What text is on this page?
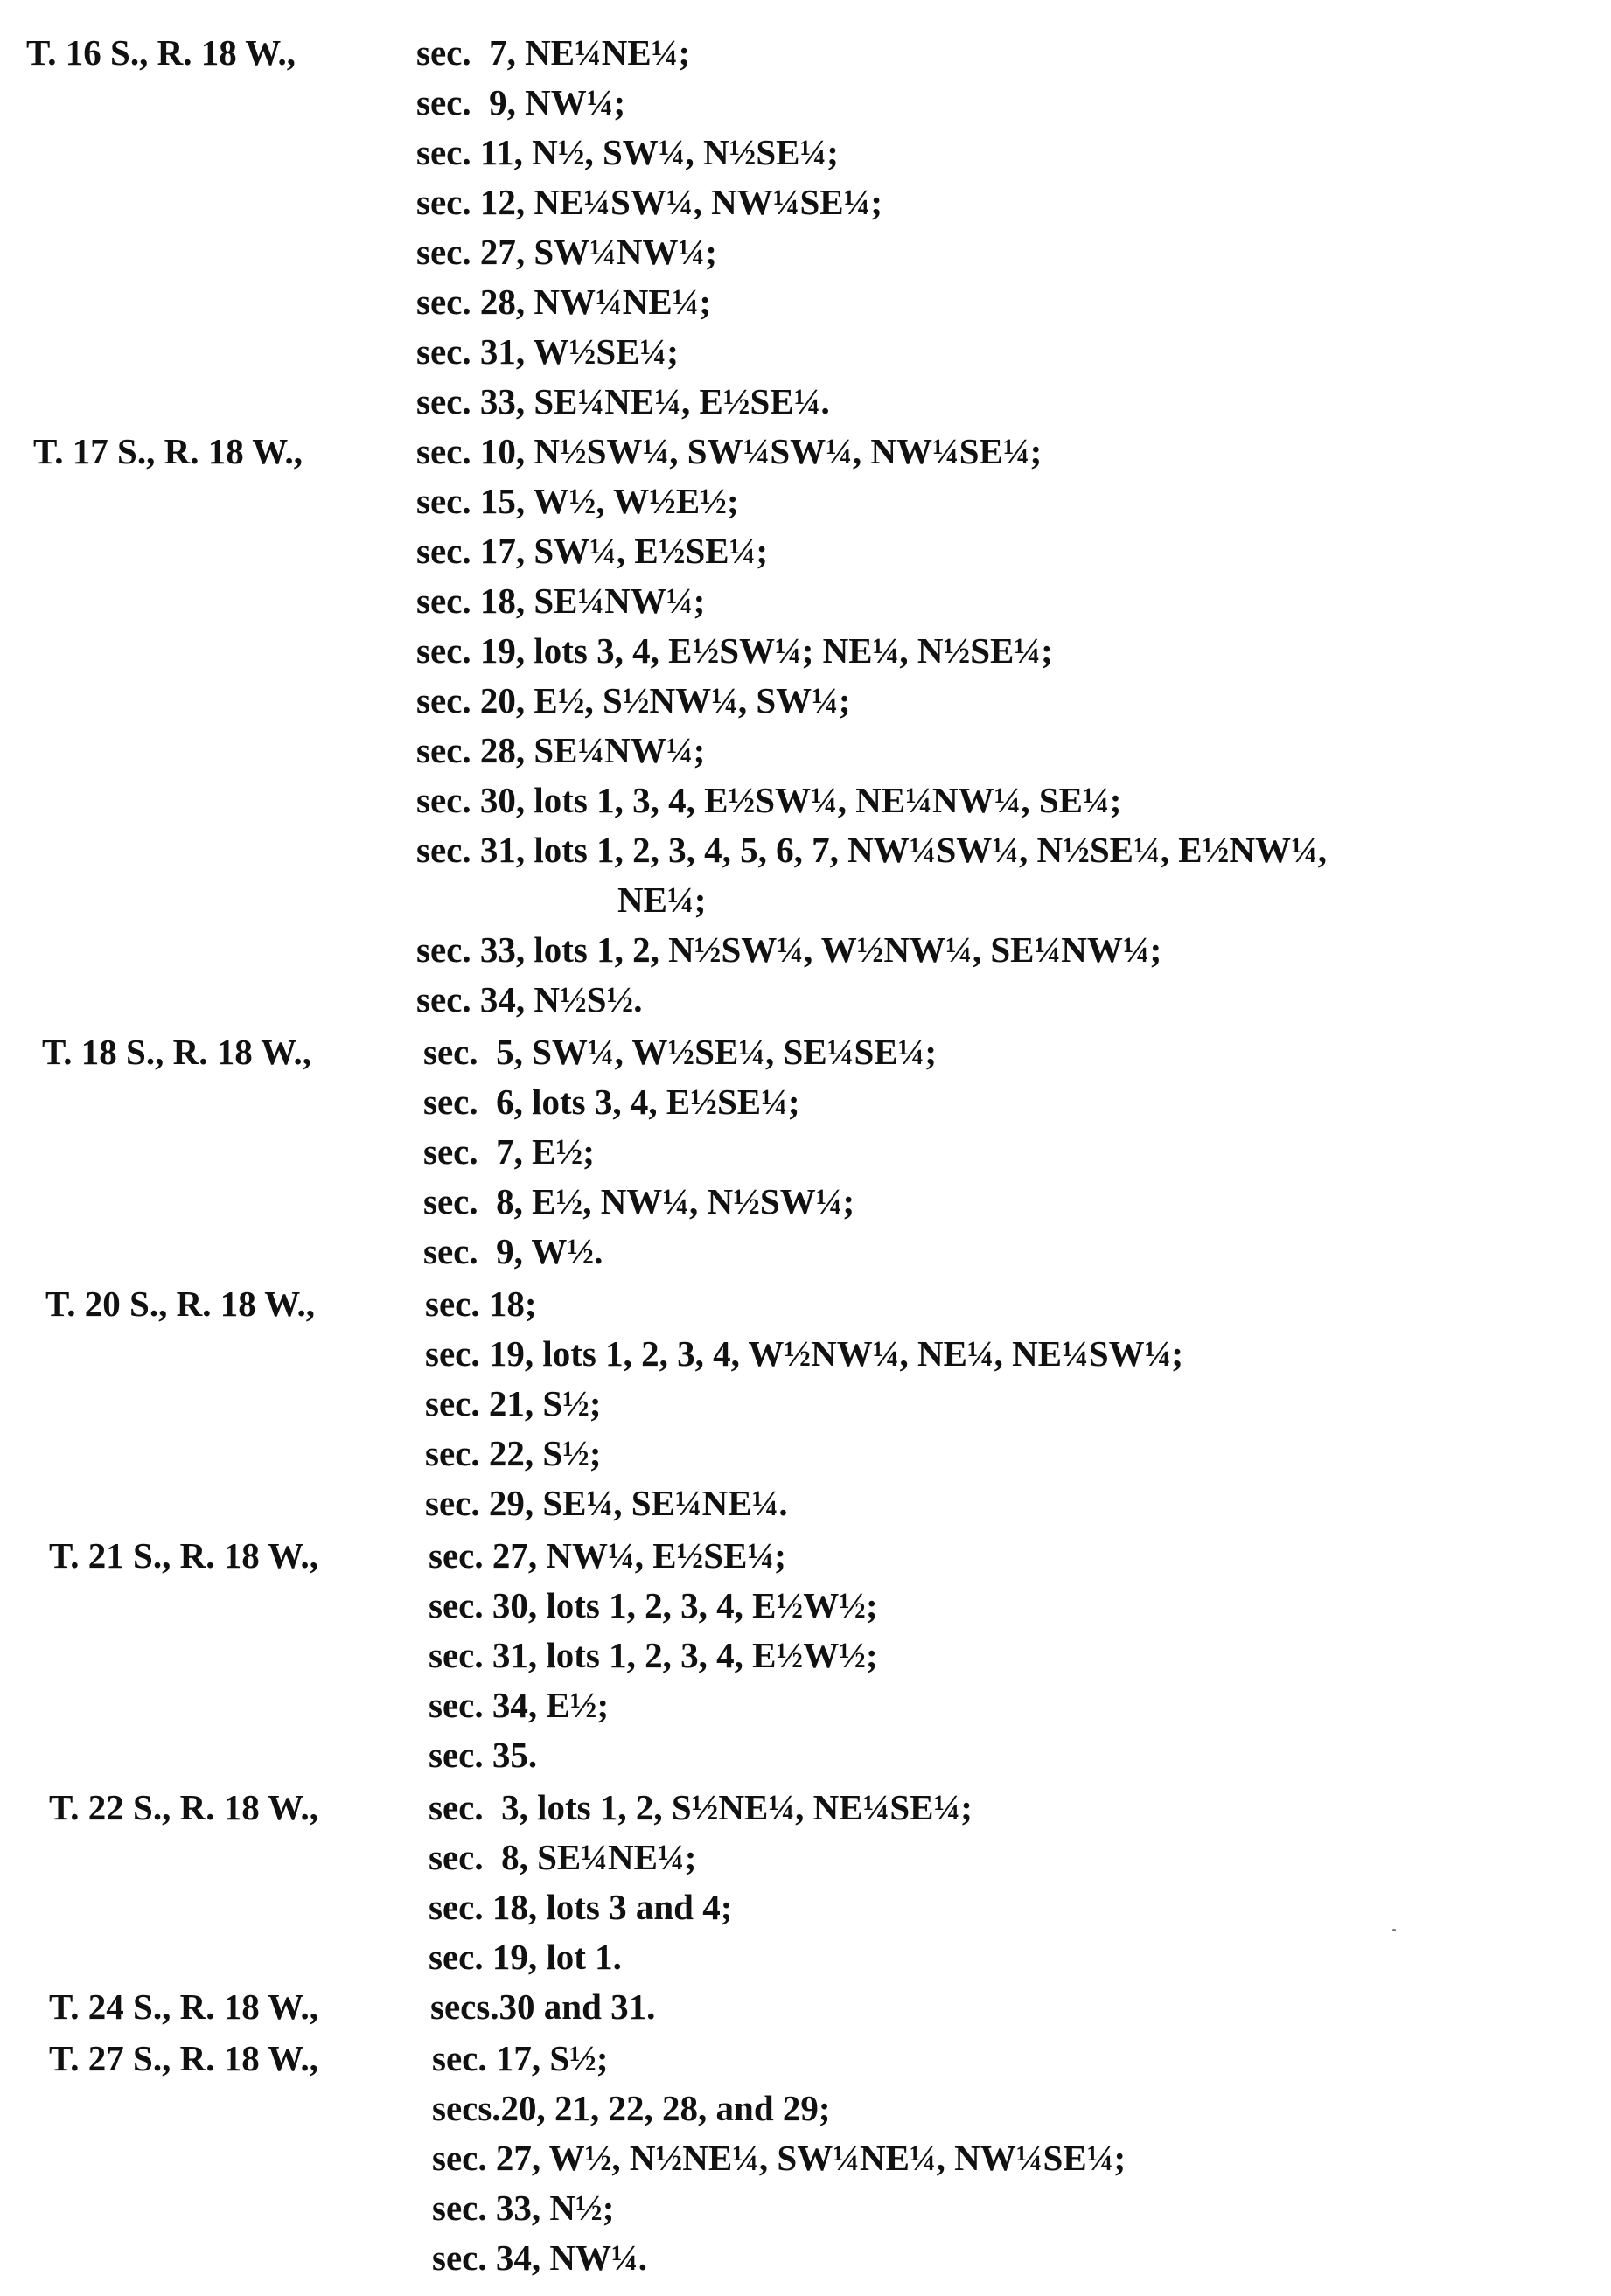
T. 16 S., R. 18 W.,	sec.  7, NE¼NE¼;
sec.  9, NW¼;
sec. 11, N½, SW¼, N½SE¼;
sec. 12, NE¼SW¼, NW¼SE¼;
sec. 27, SW¼NW¼;
sec. 28, NW¼NE¼;
sec. 31, W½SE¼;
sec. 33, SE¼NE¼, E½SE¼.
T. 17 S., R. 18 W.,	sec. 10, N½SW¼, SW¼SW¼, NW¼SE¼;
sec. 15, W½, W½E½;
sec. 17, SW¼, E½SE¼;
sec. 18, SE¼NW¼;
sec. 19, lots 3, 4, E½SW¼; NE¼, N½SE¼;
sec. 20, E½, S½NW¼, SW¼;
sec. 28, SE¼NW¼;
sec. 30, lots 1, 3, 4, E½SW¼, NE¼NW¼, SE¼;
sec. 31, lots 1, 2, 3, 4, 5, 6, 7, NW¼SW¼, N½SE¼, E½NW¼,
NE¼;
sec. 33, lots 1, 2, N½SW¼, W½NW¼, SE¼NW¼;
sec. 34, N½S½.
T. 18 S., R. 18 W.,	sec.  5, SW¼, W½SE¼, SE¼SE¼;
sec.  6, lots 3, 4, E½SE¼;
sec.  7, E½;
sec.  8, E½, NW¼, N½SW¼;
sec.  9, W½.
T. 20 S., R. 18 W.,	sec. 18;
sec. 19, lots 1, 2, 3, 4, W½NW¼, NE¼, NE¼SW¼;
sec. 21, S½;
sec. 22, S½;
sec. 29, SE¼, SE¼NE¼.
T. 21 S., R. 18 W.,	sec. 27, NW¼, E½SE¼;
sec. 30, lots 1, 2, 3, 4, E½W½;
sec. 31, lots 1, 2, 3, 4, E½W½;
sec. 34, E½;
sec. 35.
T. 22 S., R. 18 W.,	sec.  3, lots 1, 2, S½NE¼, NE¼SE¼;
sec.  8, SE¼NE¼;
sec. 18, lots 3 and 4;
sec. 19, lot 1.
T. 24 S., R. 18 W.,	secs.30 and 31.
T. 27 S., R. 18 W.,	sec. 17, S½;
secs.20, 21, 22, 28, and 29;
sec. 27, W½, N½NE¼, SW¼NE¼, NW¼SE¼;
sec. 33, N½;
sec. 34, NW¼.
